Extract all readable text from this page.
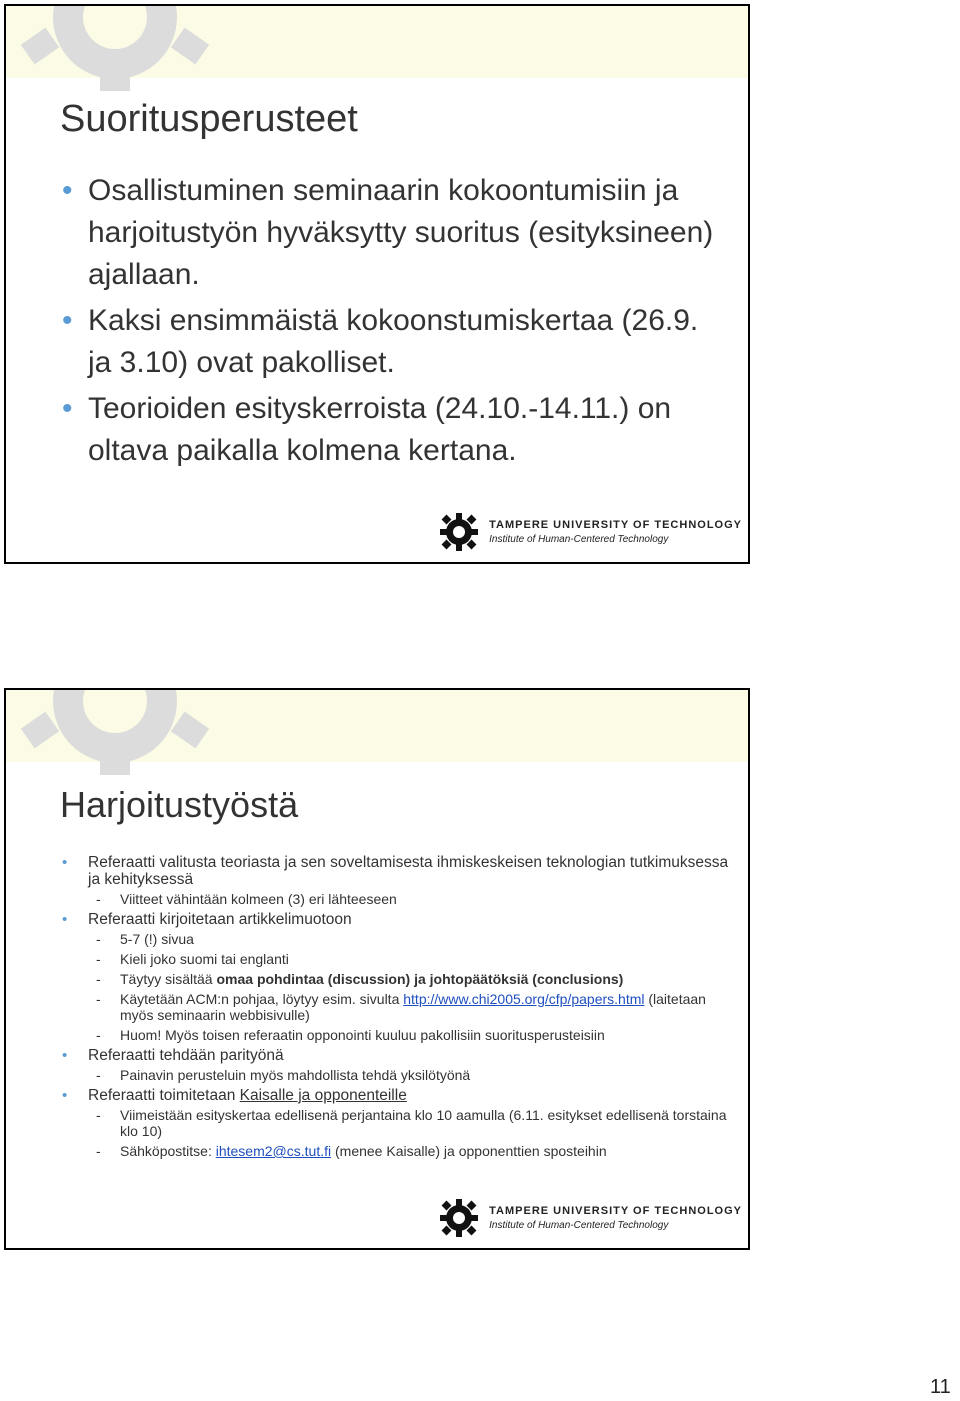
Suoritusperusteet
• Osallistuminen seminaarin kokoontumisiin ja harjoitustyön hyväksytty suoritus (esityksineen) ajallaan.
• Kaksi ensimmäistä kokoonstumiskertaa (26.9. ja 3.10) ovat pakolliset.
• Teorioiden esityskerroista (24.10.-14.11.) on oltava paikalla kolmena kertana.
TAMPERE UNIVERSITY OF TECHNOLOGY
Institute of Human-Centered Technology
Harjoitustyöstä
• Referaatti valitusta teoriasta ja sen soveltamisesta ihmiskeskeisen teknologian tutkimuksessa ja kehityksessä
- Viitteet vähintään kolmeen (3) eri lähteeseen
• Referaatti kirjoitetaan artikkelimuotoon
- 5-7 (!) sivua
- Kieli joko suomi tai englanti
- Täytyy sisältää omaa pohdintaa (discussion) ja johtopäätöksiä (conclusions)
- Käytetään ACM:n pohjaa, löytyy esim. sivulta http://www.chi2005.org/cfp/papers.html (laitetaan myös seminaarin webbisivulle)
- Huom! Myös toisen referaatin opponointi kuuluu pakollisiin suoritusperusteisiin
• Referaatti tehdään parityönä
- Painavin perusteluin myös mahdollista tehdä yksilötyönä
• Referaatti toimitetaan Kaisalle ja opponenteille
- Viimeistään esityskertaa edellisenä perjantaina klo 10 aamulla (6.11. esitykset edellisenä torstaina klo 10)
- Sähköpostitse: ihtesem2@cs.tut.fi (menee Kaisalle) ja opponenttien sposteihin
TAMPERE UNIVERSITY OF TECHNOLOGY
Institute of Human-Centered Technology
11
